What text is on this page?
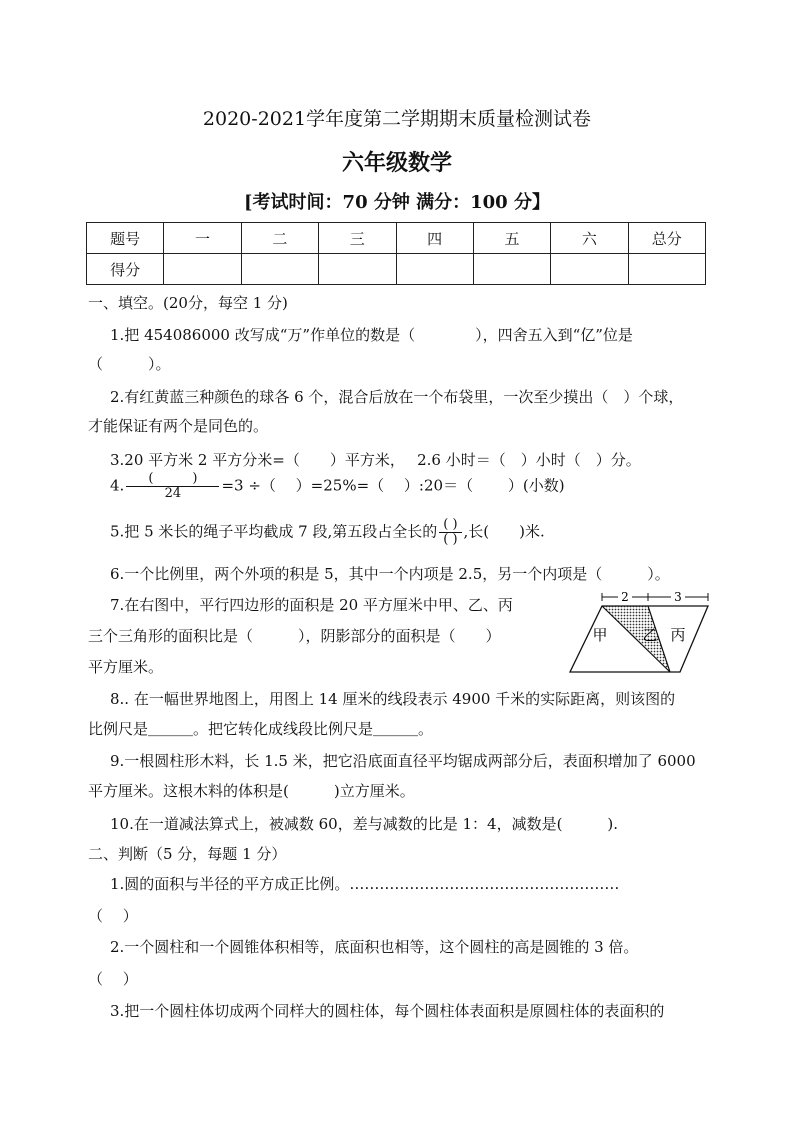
2020-2021学年度第二学期期末质量检测试卷
六年级数学
[考试时间：70 分钟 满分：100 分】
题号	一	二	三	四	五	六	总分
得分							
一、填空。(20分，每空 1 分)
1.把 454086000 改写成“万”作单位的数是（　　　　），四舍五入到“亿”位是
（　　　）。
2.有红黄蓝三种颜色的球各 6 个，混合后放在一个布袋里，一次至少摸出（　）个球，
才能保证有两个是同色的。
3.20 平方米 2 平方分米=（　　）平方米，　 2.6 小时＝（　）小时（　）分。
4. $\frac{( )}{24} =3$ ÷（　 ）=25%=（　 ）:20＝（　　 ）(小数)
5.把 5 米长的绳子平均截成 7 段,第五段占全长的 $\frac{( )}{( )}$ ,长(　　)米.
6.一个比例里，两个外项的积是 5，其中一个内项是 2.5，另一个内项是（　　　）。
7.在右图中，平行四边形的面积是 20 平方厘米中甲、乙、丙
三个三角形的面积比是（　　　），阴影部分的面积是（　　）
平方厘米。
2	3
甲 乙 丙
8.. 在一幅世界地图上，用图上 14 厘米的线段表示 4900 千米的实际距离，则该图的
比例尺是＿＿＿。把它转化成线段比例尺是＿＿＿。
9.一根圆柱形木料，长 1.5 米，把它沿底面直径平均锯成两部分后，表面积增加了 6000
平方厘米。这根木料的体积是(　　　)立方厘米。
10.在一道减法算式上，被减数 60，差与减数的比是 1：4，减数是(　　　).
二、判断（5 分，每题 1 分）
1.圆的面积与半径的平方成正比例。………………………………………………
（　 ）
2.一个圆柱和一个圆锥体积相等，底面积也相等，这个圆柱的高是圆锥的 3 倍。
（　 ）
3.把一个圆柱体切成两个同样大的圆柱体，每个圆柱体表面积是原圆柱体的表面积的
